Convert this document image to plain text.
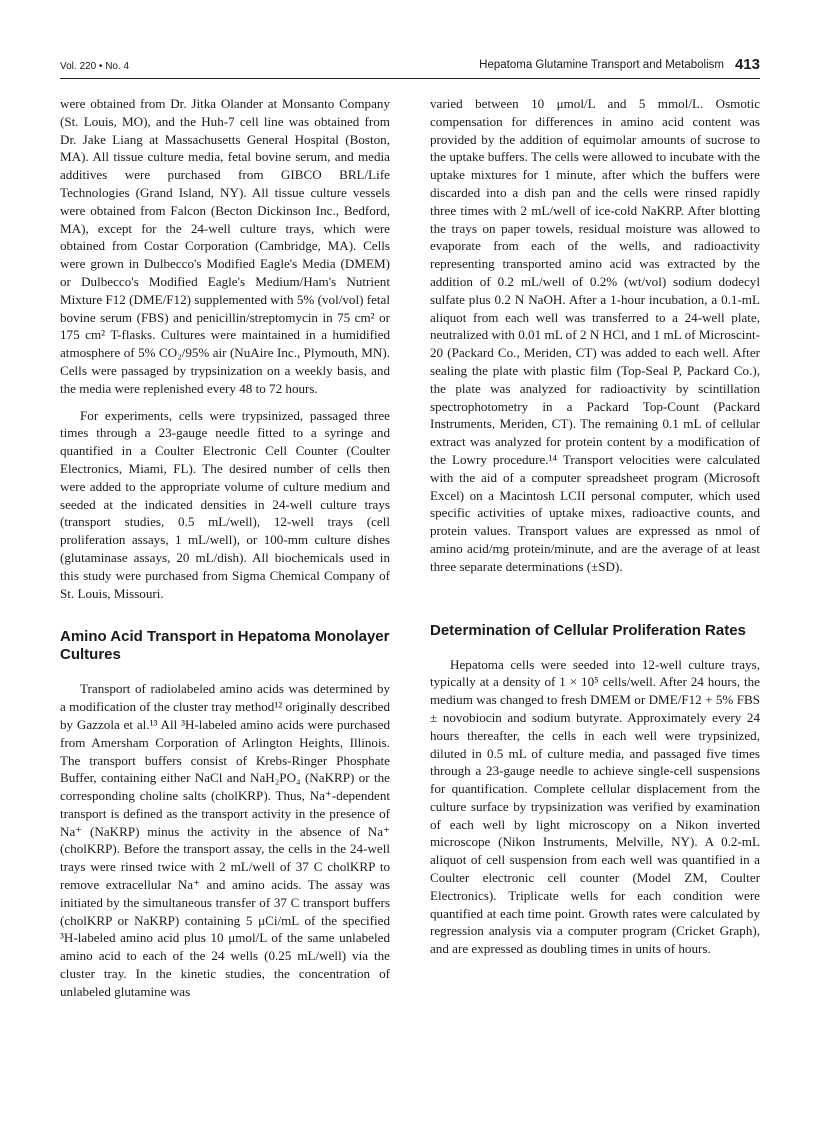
Vol. 220 • No. 4	Hepatoma Glutamine Transport and Metabolism 413

were obtained from Dr. Jitka Olander at Monsanto Company (St. Louis, MO), and the Huh-7 cell line was obtained from Dr. Jake Liang at Massachusetts General Hospital (Boston, MA). All tissue culture media, fetal bovine serum, and media additives were purchased from GIBCO BRL/Life Technologies (Grand Island, NY). All tissue culture vessels were obtained from Falcon (Becton Dickinson Inc., Bedford, MA), except for the 24-well culture trays, which were obtained from Costar Corporation (Cambridge, MA). Cells were grown in Dulbecco's Modified Eagle's Media (DMEM) or Dulbecco's Modified Eagle's Medium/Ham's Nutrient Mixture F12 (DME/F12) supplemented with 5% (vol/vol) fetal bovine serum (FBS) and penicillin/streptomycin in 75 cm² or 175 cm² T-flasks. Cultures were maintained in a humidified atmosphere of 5% CO₂/95% air (NuAire Inc., Plymouth, MN). Cells were passaged by trypsinization on a weekly basis, and the media were replenished every 48 to 72 hours.

For experiments, cells were trypsinized, passaged three times through a 23-gauge needle fitted to a syringe and quantified in a Coulter Electronic Cell Counter (Coulter Electronics, Miami, FL). The desired number of cells then were added to the appropriate volume of culture medium and seeded at the indicated densities in 24-well culture trays (transport studies, 0.5 mL/well), 12-well trays (cell proliferation assays, 1 mL/well), or 100-mm culture dishes (glutaminase assays, 20 mL/dish). All biochemicals used in this study were purchased from Sigma Chemical Company of St. Louis, Missouri.

Amino Acid Transport in Hepatoma Monolayer Cultures

Transport of radiolabeled amino acids was determined by a modification of the cluster tray method¹² originally described by Gazzola et al.¹³ All ³H-labeled amino acids were purchased from Amersham Corporation of Arlington Heights, Illinois. The transport buffers consist of Krebs-Ringer Phosphate Buffer, containing either NaCl and NaH₂PO₄ (NaKRP) or the corresponding choline salts (cholKRP). Thus, Na⁺-dependent transport is defined as the transport activity in the presence of Na⁺ (NaKRP) minus the activity in the absence of Na⁺ (cholKRP). Before the transport assay, the cells in the 24-well trays were rinsed twice with 2 mL/well of 37 C cholKRP to remove extracellular Na⁺ and amino acids. The assay was initiated by the simultaneous transfer of 37 C transport buffers (cholKRP or NaKRP) containing 5 μCi/mL of the specified ³H-labeled amino acid plus 10 μmol/L of the same unlabeled amino acid to each of the 24 wells (0.25 mL/well) via the cluster tray. In the kinetic studies, the concentration of unlabeled glutamine was

varied between 10 μmol/L and 5 mmol/L. Osmotic compensation for differences in amino acid content was provided by the addition of equimolar amounts of sucrose to the uptake buffers. The cells were allowed to incubate with the uptake mixtures for 1 minute, after which the buffers were discarded into a dish pan and the cells were rinsed rapidly three times with 2 mL/well of ice-cold NaKRP. After blotting the trays on paper towels, residual moisture was allowed to evaporate from each of the wells, and radioactivity representing transported amino acid was extracted by the addition of 0.2 mL/well of 0.2% (wt/vol) sodium dodecyl sulfate plus 0.2 N NaOH. After a 1-hour incubation, a 0.1-mL aliquot from each well was transferred to a 24-well plate, neutralized with 0.01 mL of 2 N HCl, and 1 mL of Microscint-20 (Packard Co., Meriden, CT) was added to each well. After sealing the plate with plastic film (Top-Seal P, Packard Co.), the plate was analyzed for radioactivity by scintillation spectrophotometry in a Packard Top-Count (Packard Instruments, Meriden, CT). The remaining 0.1 mL of cellular extract was analyzed for protein content by a modification of the Lowry procedure.¹⁴ Transport velocities were calculated with the aid of a computer spreadsheet program (Microsoft Excel) on a Macintosh LCII personal computer, which used specific activities of uptake mixes, radioactive counts, and protein values. Transport values are expressed as nmol of amino acid/mg protein/minute, and are the average of at least three separate determinations (±SD).

Determination of Cellular Proliferation Rates

Hepatoma cells were seeded into 12-well culture trays, typically at a density of 1 × 10⁵ cells/well. After 24 hours, the medium was changed to fresh DMEM or DME/F12 + 5% FBS ± novobiocin and sodium butyrate. Approximately every 24 hours thereafter, the cells in each well were trypsinized, diluted in 0.5 mL of culture media, and passaged five times through a 23-gauge needle to achieve single-cell suspensions for quantification. Complete cellular displacement from the culture surface by trypsinization was verified by examination of each well by light microscopy on a Nikon inverted microscope (Nikon Instruments, Melville, NY). A 0.2-mL aliquot of cell suspension from each well was quantified in a Coulter electronic cell counter (Model ZM, Coulter Electronics). Triplicate wells for each condition were quantified at each time point. Growth rates were calculated by regression analysis via a computer program (Cricket Graph), and are expressed as doubling times in units of hours.
